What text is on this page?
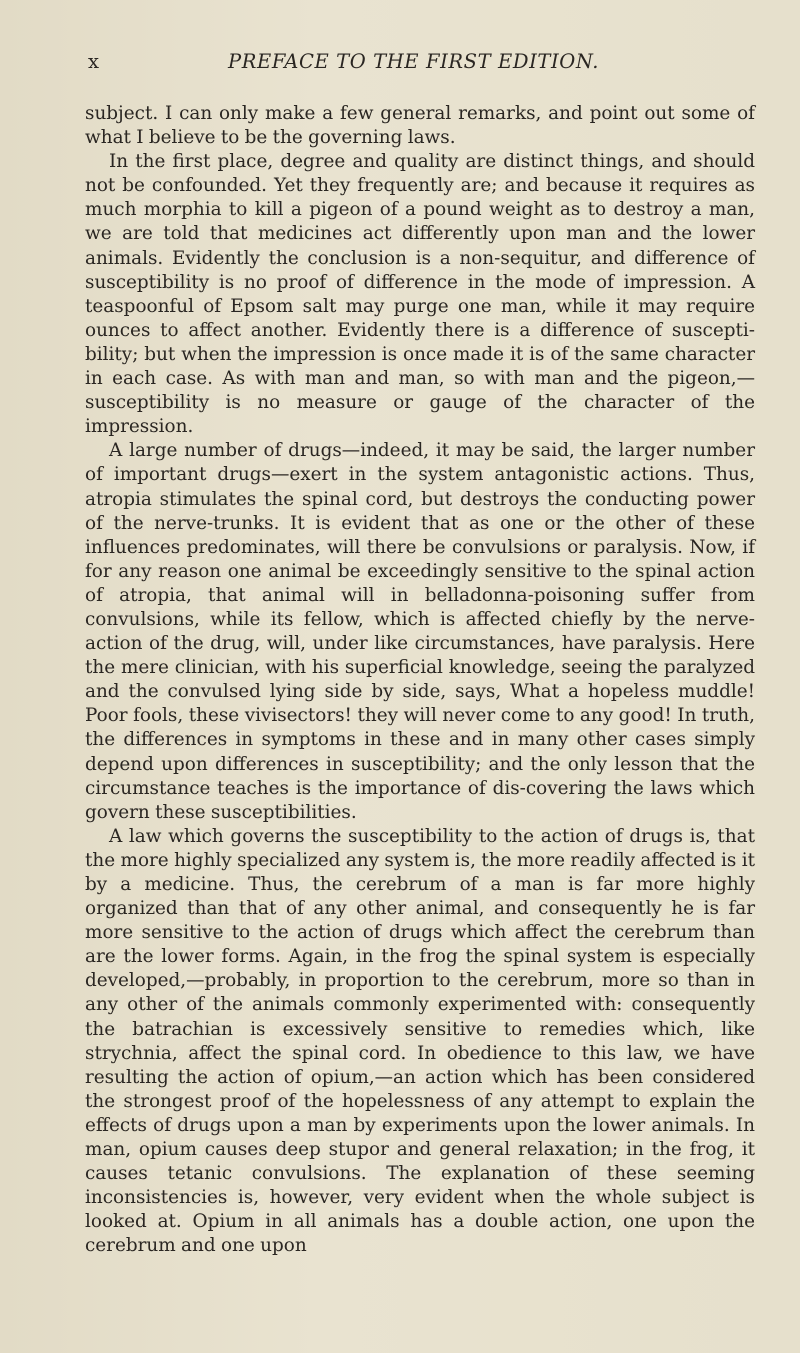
x	PREFACE TO THE FIRST EDITION.

subject. I can only make a few general remarks, and point out some of what I believe to be the governing laws.

In the first place, degree and quality are distinct things, and should not be confounded. Yet they frequently are; and because it requires as much morphia to kill a pigeon of a pound weight as to destroy a man, we are told that medicines act differently upon man and the lower animals. Evidently the conclusion is a non-sequitur, and difference of susceptibility is no proof of difference in the mode of impression. A teaspoonful of Epsom salt may purge one man, while it may require ounces to affect another. Evidently there is a difference of suscepti-bility; but when the impression is once made it is of the same character in each case. As with man and man, so with man and the pigeon,— susceptibility is no measure or gauge of the character of the impression.

A large number of drugs—indeed, it may be said, the larger number of important drugs—exert in the system antagonistic actions. Thus, atropia stimulates the spinal cord, but destroys the conducting power of the nerve-trunks. It is evident that as one or the other of these influences predominates, will there be convulsions or paralysis. Now, if for any reason one animal be exceedingly sensitive to the spinal action of atropia, that animal will in belladonna-poisoning suffer from convulsions, while its fellow, which is affected chiefly by the nerve-action of the drug, will, under like circumstances, have paralysis. Here the mere clinician, with his superficial knowledge, seeing the paralyzed and the convulsed lying side by side, says, What a hopeless muddle! Poor fools, these vivisectors! they will never come to any good! In truth, the differences in symptoms in these and in many other cases simply depend upon differences in susceptibility; and the only lesson that the circumstance teaches is the importance of dis-covering the laws which govern these susceptibilities.

A law which governs the susceptibility to the action of drugs is, that the more highly specialized any system is, the more readily affected is it by a medicine. Thus, the cerebrum of a man is far more highly organized than that of any other animal, and consequently he is far more sensitive to the action of drugs which affect the cerebrum than are the lower forms. Again, in the frog the spinal system is especially developed,—probably, in proportion to the cerebrum, more so than in any other of the animals commonly experimented with: consequently the batrachian is excessively sensitive to remedies which, like strychnia, affect the spinal cord. In obedience to this law, we have resulting the action of opium,—an action which has been considered the strongest proof of the hopelessness of any attempt to explain the effects of drugs upon a man by experiments upon the lower animals. In man, opium causes deep stupor and general relaxation; in the frog, it causes tetanic convulsions. The explanation of these seeming inconsistencies is, however, very evident when the whole subject is looked at. Opium in all animals has a double action, one upon the cerebrum and one upon
